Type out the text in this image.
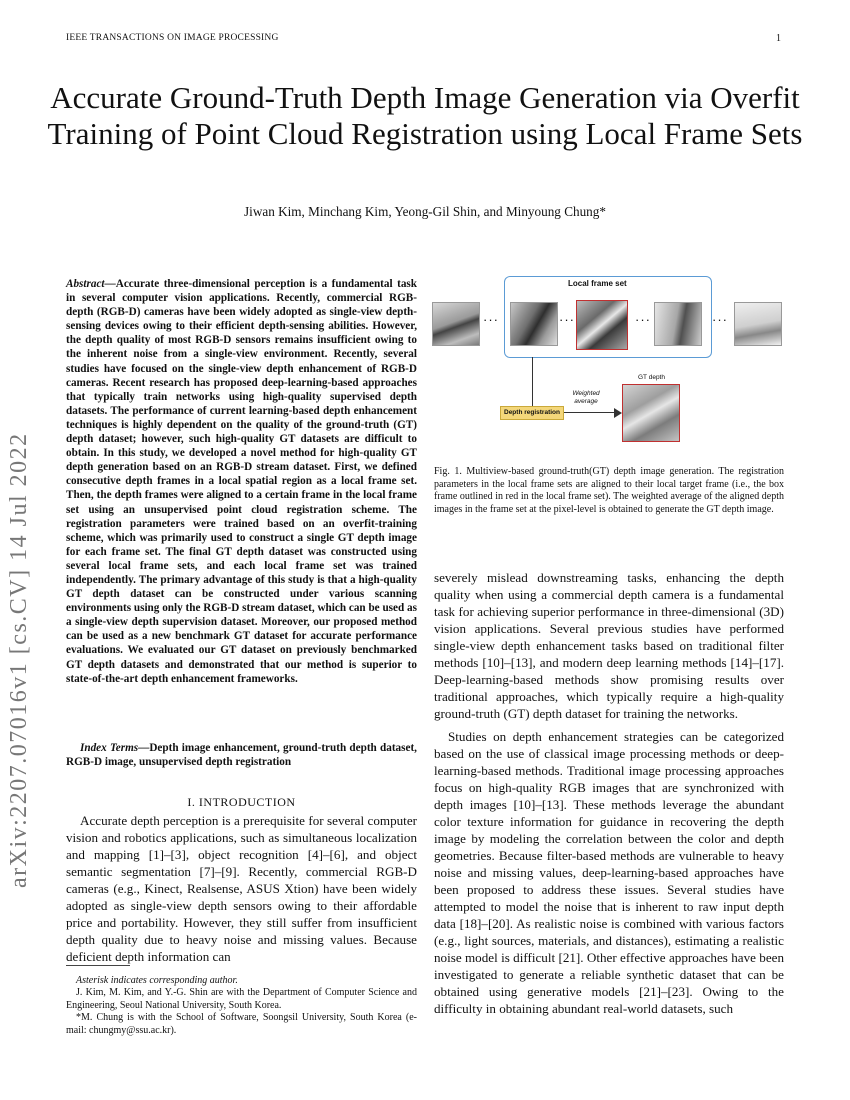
IEEE TRANSACTIONS ON IMAGE PROCESSING	1
arXiv:2207.07016v1 [cs.CV] 14 Jul 2022
Accurate Ground-Truth Depth Image Generation via Overfit Training of Point Cloud Registration using Local Frame Sets
Jiwan Kim, Minchang Kim, Yeong-Gil Shin, and Minyoung Chung*

Abstract—Accurate three-dimensional perception is a fundamental task in several computer vision applications. Recently, commercial RGB-depth (RGB-D) cameras have been widely adopted as single-view depth-sensing devices owing to their efficient depth-sensing abilities. However, the depth quality of most RGB-D sensors remains insufficient owing to the inherent noise from a single-view environment. Recently, several studies have focused on the single-view depth enhancement of RGB-D cameras. Recent research has proposed deep-learning-based approaches that typically train networks using high-quality supervised depth datasets. The performance of current learning-based depth enhancement techniques is highly dependent on the quality of the ground-truth (GT) depth dataset; however, such high-quality GT datasets are difficult to obtain. In this study, we developed a novel method for high-quality GT depth generation based on an RGB-D stream dataset. First, we defined consecutive depth frames in a local spatial region as a local frame set. Then, the depth frames were aligned to a certain frame in the local frame set using an unsupervised point cloud registration scheme. The registration parameters were trained based on an overfit-training scheme, which was primarily used to construct a single GT depth image for each frame set. The final GT depth dataset was constructed using several local frame sets, and each local frame set was trained independently. The primary advantage of this study is that a high-quality GT depth dataset can be constructed under various scanning environments using only the RGB-D stream dataset, which can be used as a single-view depth supervision dataset. Moreover, our proposed method can be used as a new benchmark GT dataset for accurate performance evaluations. We evaluated our GT dataset on previously benchmarked GT depth datasets and demonstrated that our method is superior to state-of-the-art depth enhancement frameworks.

Index Terms—Depth image enhancement, ground-truth depth dataset, RGB-D image, unsupervised depth registration
I. INTRODUCTION

Accurate depth perception is a prerequisite for several computer vision and robotics applications, such as simultaneous localization and mapping [1]–[3], object recognition [4]–[6], and object semantic segmentation [7]–[9]. Recently, commercial RGB-D cameras (e.g., Kinect, Realsense, ASUS Xtion) have been widely adopted as single-view depth sensors owing to their affordable price and portability. However, they still suffer from insufficient depth quality due to heavy noise and missing values. Because deficient depth information can

Asterisk indicates corresponding author.

J. Kim, M. Kim, and Y.-G. Shin are with the Department of Computer Science and Engineering, Seoul National University, South Korea.

*M. Chung is with the School of Software, Soongsil University, South Korea (e-mail: chungmy@ssu.ac.kr).

Local frame set
···	···	···	···
Depth registration
Weighted average
GT depth
Fig. 1. Multiview-based ground-truth(GT) depth image generation. The registration parameters in the local frame sets are aligned to their local target frame (i.e., the box frame outlined in red in the local frame set). The weighted average of the aligned depth images in the frame set at the pixel-level is obtained to generate the GT depth image.

severely mislead downstreaming tasks, enhancing the depth quality when using a commercial depth camera is a fundamental task for achieving superior performance in three-dimensional (3D) vision applications. Several previous studies have performed single-view depth enhancement tasks based on traditional filter methods [10]–[13], and modern deep learning methods [14]–[17]. Deep-learning-based methods show promising results over traditional approaches, which typically require a high-quality ground-truth (GT) depth dataset for training the networks.

Studies on depth enhancement strategies can be categorized based on the use of classical image processing methods or deep-learning-based methods. Traditional image processing approaches focus on high-quality RGB images that are synchronized with depth images [10]–[13]. These methods leverage the abundant color texture information for guidance in recovering the depth image by modeling the correlation between the color and depth geometries. Because filter-based methods are vulnerable to heavy noise and missing values, deep-learning-based approaches have been proposed to address these issues. Several studies have attempted to model the noise that is inherent to raw input depth data [18]–[20]. As realistic noise is combined with various factors (e.g., light sources, materials, and distances), estimating a realistic noise model is difficult [21]. Other effective approaches have been investigated to generate a reliable synthetic dataset that can be obtained using generative models [21]–[23]. Owing to the difficulty in obtaining abundant real-world datasets, such
